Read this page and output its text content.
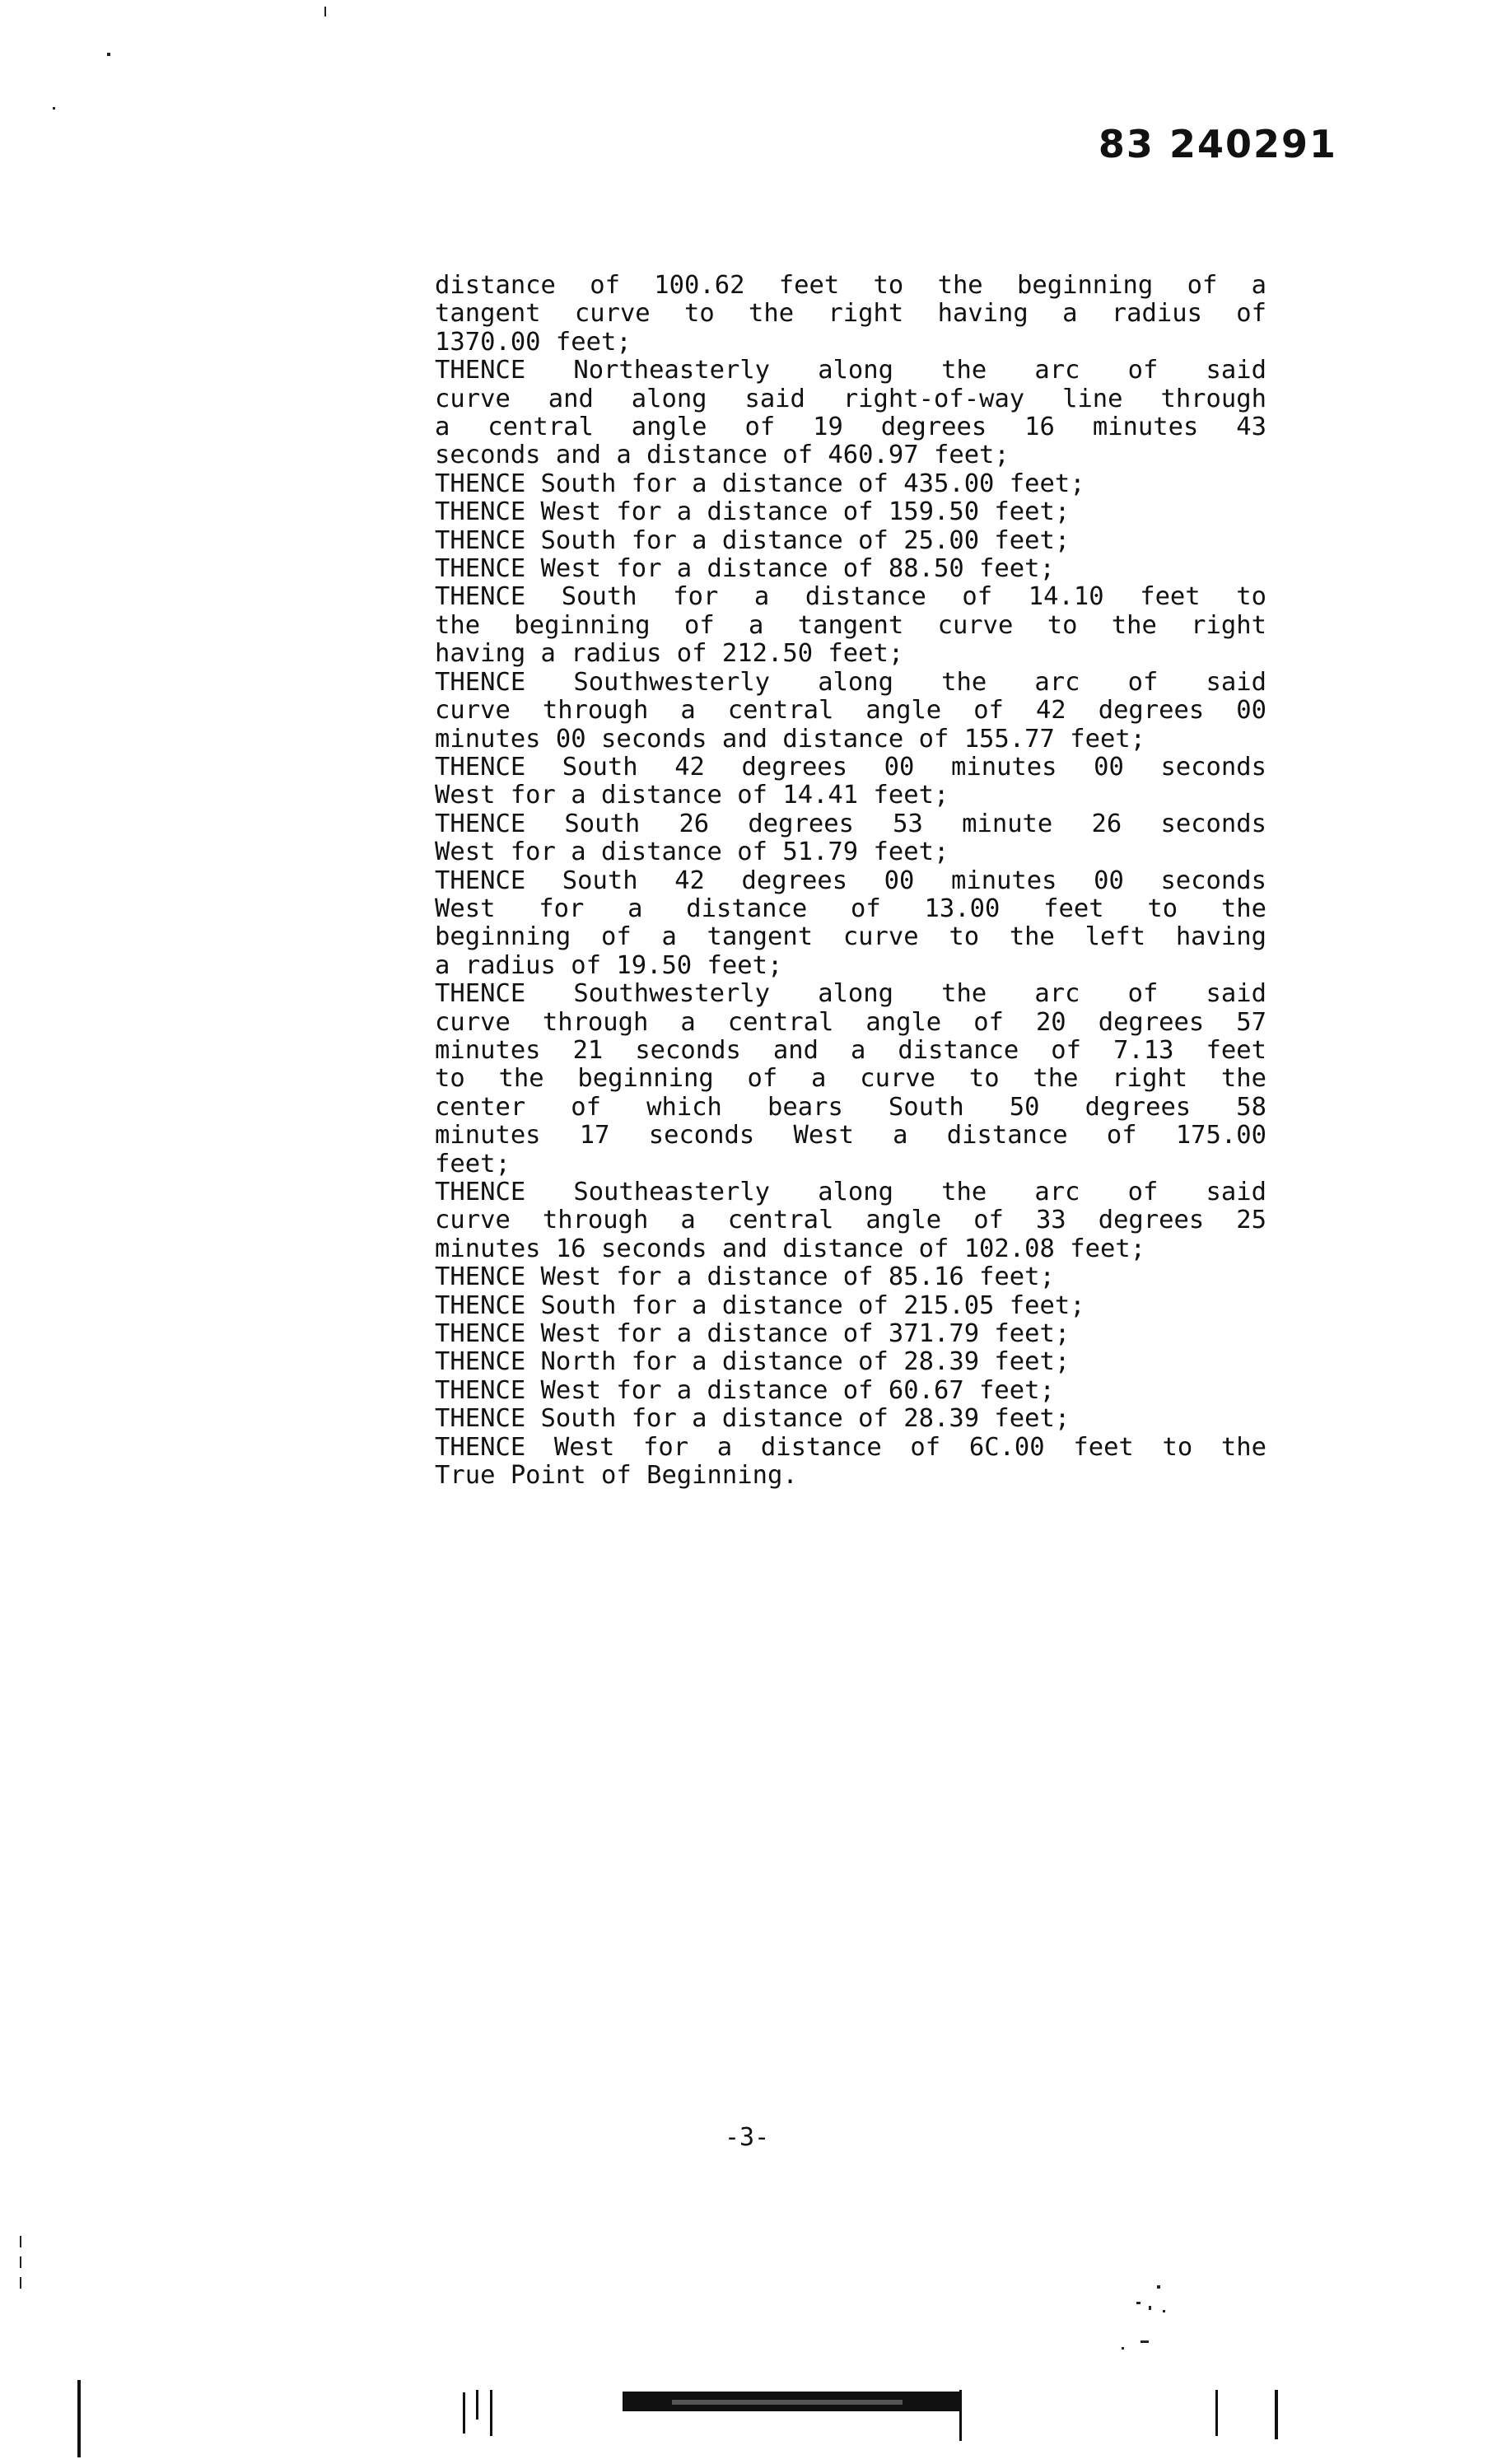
83 240291
distance of 100.62 feet to the beginning of a
tangent curve to the right having a radius of
1370.00 feet;
THENCE Northeasterly along the arc of said
curve and along said right-of-way line through
a central angle of 19 degrees 16 minutes 43
seconds and a distance of 460.97 feet;
THENCE South for a distance of 435.00 feet;
THENCE West for a distance of 159.50 feet;
THENCE South for a distance of 25.00 feet;
THENCE West for a distance of 88.50 feet;
THENCE South for a distance of 14.10 feet to
the beginning of a tangent curve to the right
having a radius of 212.50 feet;
THENCE Southwesterly along the arc of said
curve through a central angle of 42 degrees 00
minutes 00 seconds and distance of 155.77 feet;
THENCE South 42 degrees 00 minutes 00 seconds
West for a distance of 14.41 feet;
THENCE South 26 degrees 53 minute 26 seconds
West for a distance of 51.79 feet;
THENCE South 42 degrees 00 minutes 00 seconds
West for a distance of 13.00 feet to the
beginning of a tangent curve to the left having
a radius of 19.50 feet;
THENCE Southwesterly along the arc of said
curve through a central angle of 20 degrees 57
minutes 21 seconds and a distance of 7.13 feet
to the beginning of a curve to the right the
center of which bears South 50 degrees 58
minutes 17 seconds West a distance of 175.00
feet;
THENCE Southeasterly along the arc of said
curve through a central angle of 33 degrees 25
minutes 16 seconds and distance of 102.08 feet;
THENCE West for a distance of 85.16 feet;
THENCE South for a distance of 215.05 feet;
THENCE West for a distance of 371.79 feet;
THENCE North for a distance of 28.39 feet;
THENCE West for a distance of 60.67 feet;
THENCE South for a distance of 28.39 feet;
THENCE West for a distance of 6C.00 feet to the
True Point of Beginning.
-3-
